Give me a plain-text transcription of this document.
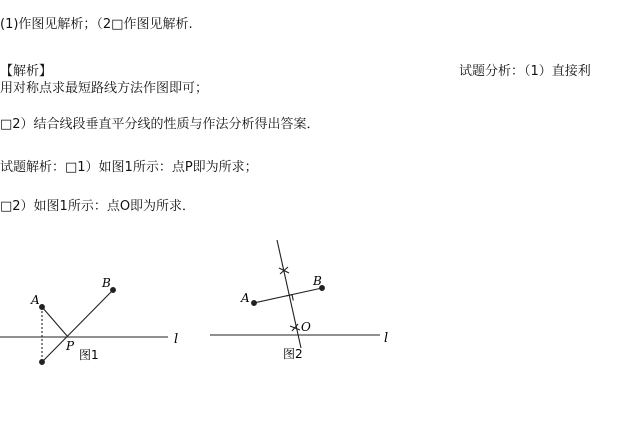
(1)作图见解析；（2□作图见解析.
【解析】	试题分析：（1）直接利
用对称点求最短路线方法作图即可；
□2）结合线段垂直平分线的性质与作法分析得出答案．
试题解析：□1）如图1所示：点P即为所求；
□2）如图1所示：点O即为所求．
A
B
P	l
图1
A
B
O
l
图2
